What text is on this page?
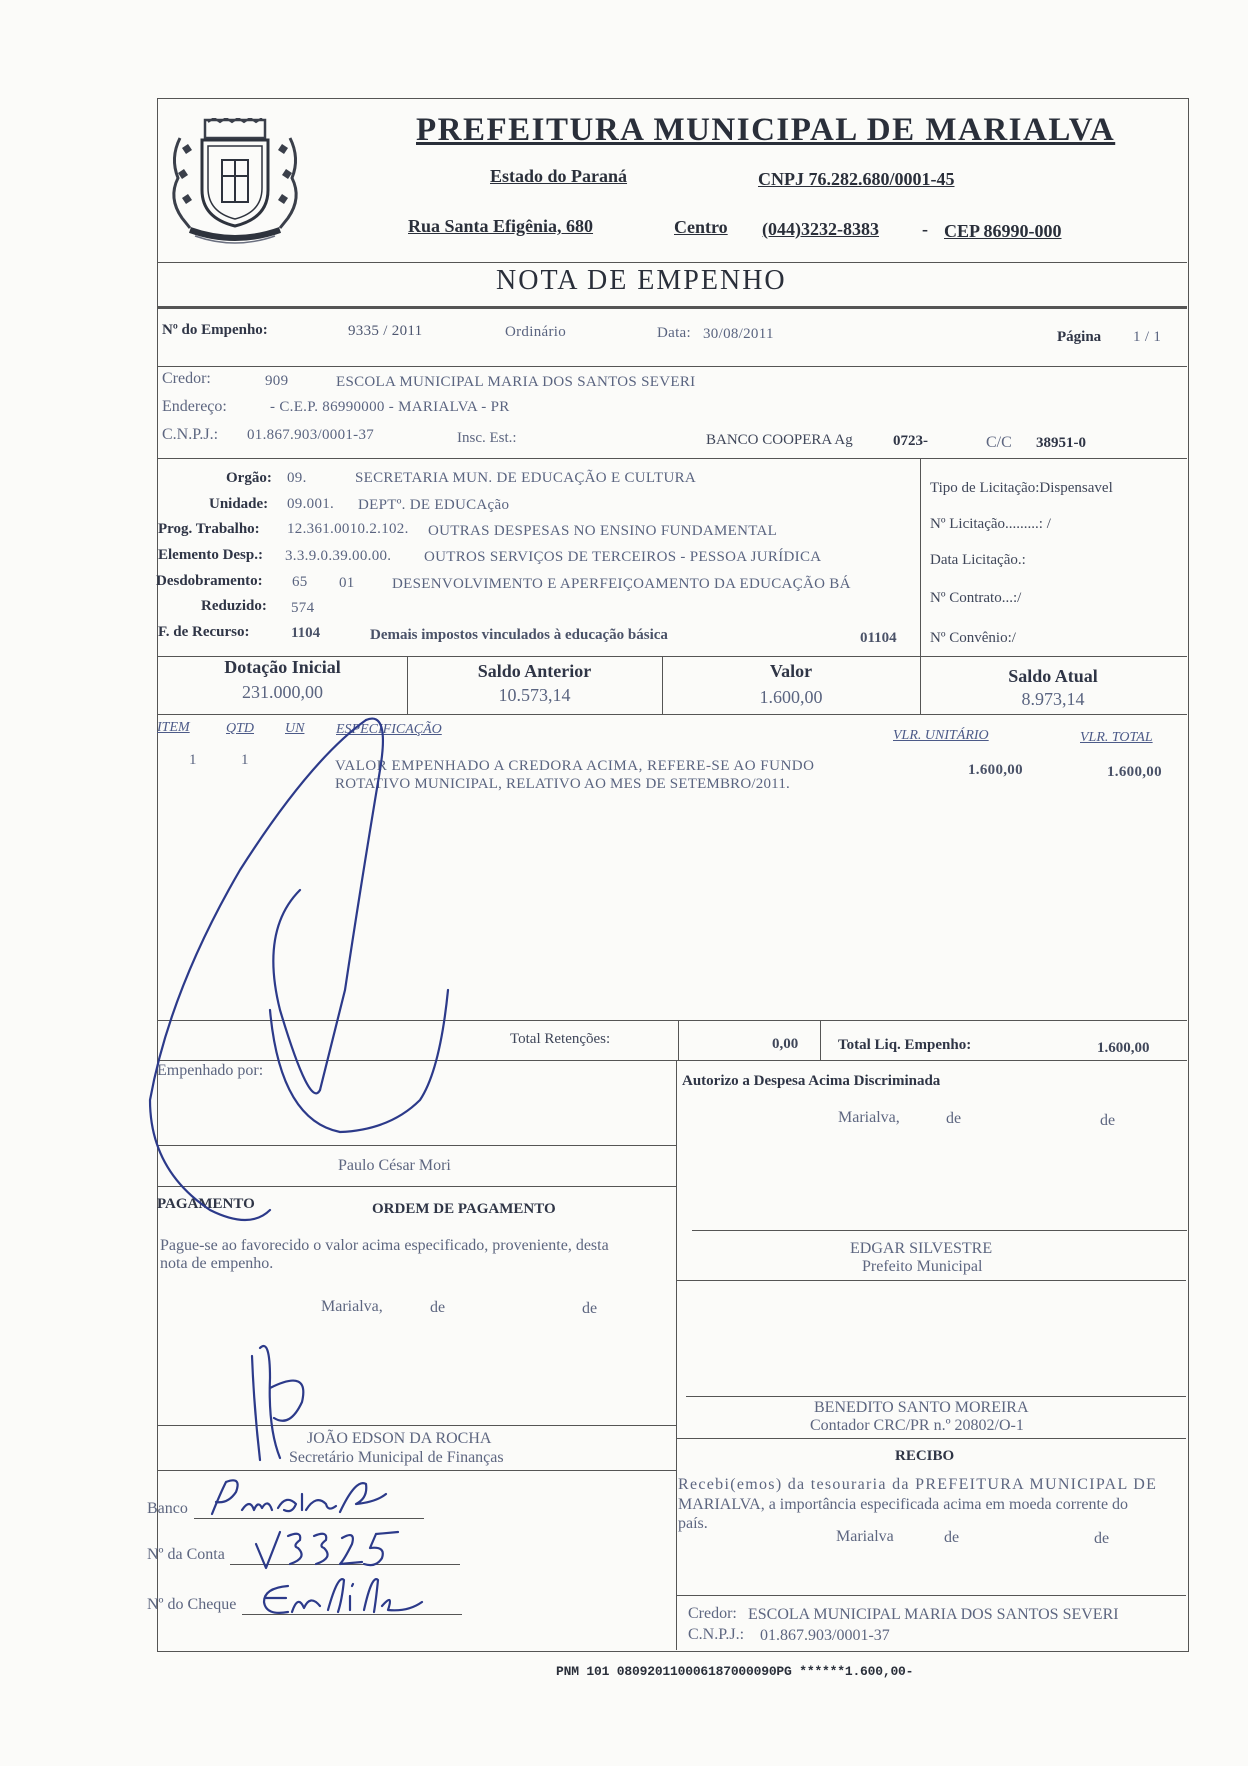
PREFEITURA MUNICIPAL DE MARIALVA
Estado do Paraná	CNPJ 76.282.680/0001-45
Rua Santa Efigênia, 680	Centro (044)3232-8383 - CEP 86990-000
NOTA DE EMPENHO
Nº do Empenho:	9335 / 2011	Ordinário	Data: 30/08/2011	Página 1 / 1
Credor:	909	ESCOLA MUNICIPAL MARIA DOS SANTOS SEVERI
Endereço:	- C.E.P. 86990000 - MARIALVA - PR
C.N.P.J.: 01.867.903/0001-37	Insc. Est.:	BANCO COOPERA Ag	0723-	C/C 38951-0
Orgão: 09.	SECRETARIA MUN. DE EDUCAÇÃO E CULTURA
Unidade: 09.001. DEPTº. DE EDUCAção
Prog. Trabalho: 12.361.0010.2.102. OUTRAS DESPESAS NO ENSINO FUNDAMENTAL
Elemento Desp.: 3.3.9.0.39.00.00. OUTROS SERVIÇOS DE TERCEIROS - PESSOA JURÍDICA
Desdobramento: 65 01 DESENVOLVIMENTO E APERFEIÇOAMENTO DA EDUCAÇÃO BÁ
Reduzido: 574
F. de Recurso:	1104	Demais impostos vinculados à educação básica	01104
Tipo de Licitação:Dispensavel
Nº Licitação.........: /
Data Licitação.:
Nº Contrato...:/
Nº Convênio:/
Dotação Inicial
231.000,00
Saldo Anterior
10.573,14
Valor
1.600,00
Saldo Atual
8.973,14
ITEM	QTD UN ESPECIFICAÇÃO	VLR. UNITÁRIO	VLR. TOTAL
1	1	VALOR EMPENHADO A CREDORA ACIMA, REFERE-SE AO FUNDO
ROTATIVO MUNICIPAL, RELATIVO AO MES DE SETEMBRO/2011.
1.600,00	1.600,00
Total Retenções:	0,00	Total Liq. Empenho:	1.600,00
Empenhado por:
Paulo César Mori
PAGAMENTO	ORDEM DE PAGAMENTO
Pague-se ao favorecido o valor acima especificado, proveniente, desta
nota de empenho.
Marialva,	de	de
JOÃO EDSON DA ROCHA
Secretário Municipal de Finanças
Banco
Nº da Conta
Nº do Cheque
Autorizo a Despesa Acima Discriminada
Marialva,	de	de
EDGAR SILVESTRE
Prefeito Municipal
BENEDITO SANTO MOREIRA
Contador CRC/PR n.º 20802/O-1
RECIBO
Recebi(emos) da tesouraria da PREFEITURA MUNICIPAL DE
MARIALVA, a importância especificada acima em moeda corrente do
país.
Marialva	de	de
Credor: ESCOLA MUNICIPAL MARIA DOS SANTOS SEVERI
C.N.P.J.: 01.867.903/0001-37
PNM 101 080920110006187000090PG ******1.600,00-
